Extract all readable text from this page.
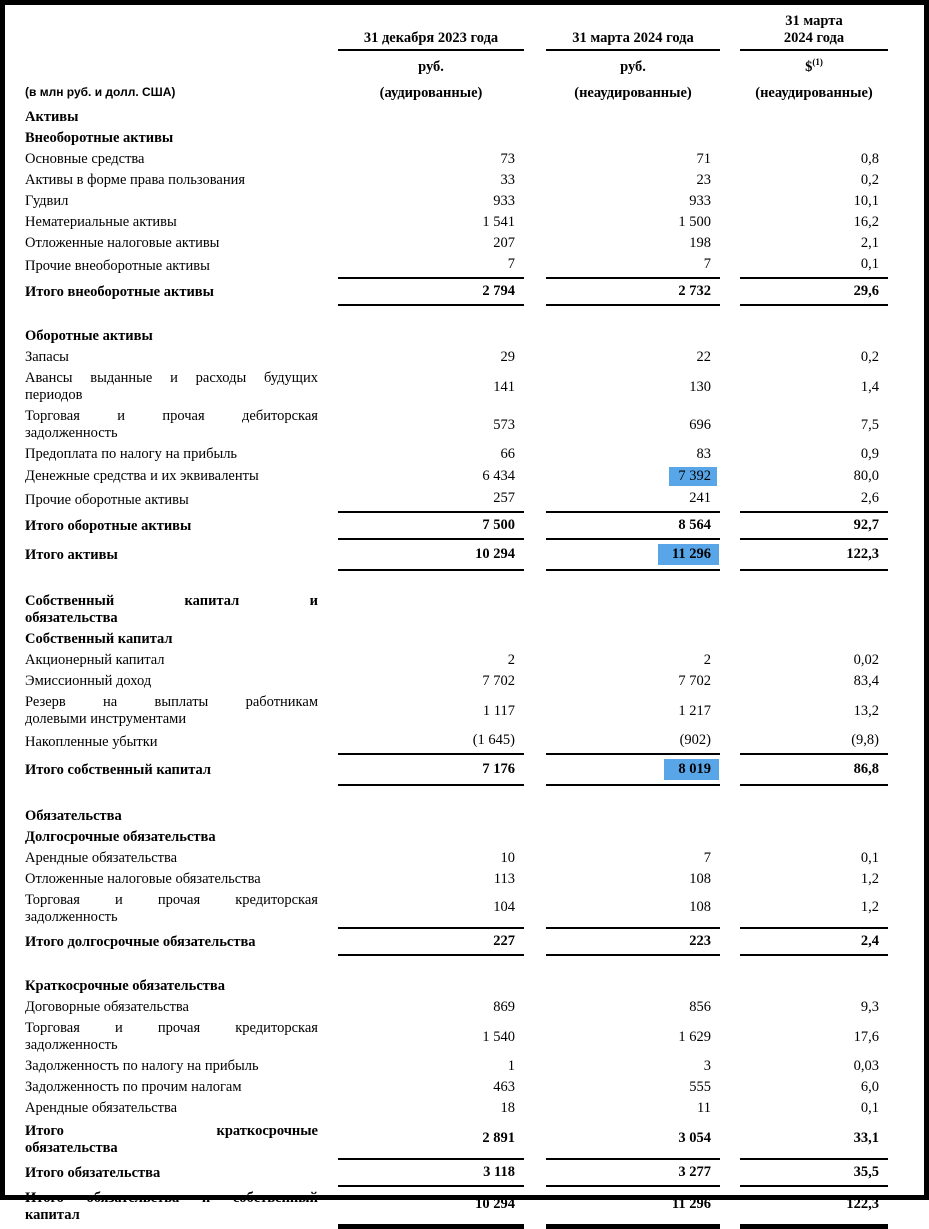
		31 декабря 2023 года		31 марта 2024 года		31 марта
2024 года
		руб.		руб.		\$$^{(1)}$
(в млн руб. и долл. США)		(аудированные)		(неаудированные)		(неаудированные)
Активы						
Внеоборотные активы						
Основные средства		73		71		0,8
Активы в форме права пользования		33		23		0,2
Гудвил		933		933		10,1
Нематериальные активы		1 541		1 500		16,2
Отложенные налоговые активы		207		198		2,1
Прочие внеоборотные активы		7		7		0,1
Итого внеоборотные активы		2 794		2 732		29,6

Оборотные активы						
Запасы		29		22		0,2

Авансы выданные и расходы будущих
периодов
		141		130		1,4

Торговая и прочая дебиторская
задолженность		573		696		7,5
Предоплата по налогу на прибыль		66		83		0,9
Денежные средства и их эквиваленты		6 434		7 392		80,0
Прочие оборотные активы		257		241		2,6
Итого оборотные активы		7 500		8 564		92,7
Итого активы		10 294		11 296		122,3

Собственный капитал и
обязательства						

Собственный капитал						
Акционерный капитал		2		2		0,02
Эмиссионный доход		7 702		7 702		83,4

Резерв на выплаты работникам
долевыми инструментами		1 117		1 217		13,2
Накопленные убытки		(1 645)		(902)		(9,8)
Итого собственный капитал		7 176		8 019		86,8

Обязательства						
Долгосрочные обязательства						
Арендные обязательства		10		7		0,1
Отложенные налоговые обязательства		113		108		1,2

Торговая и прочая кредиторская
задолженность		104		108		1,2
Итого долгосрочные обязательства		227		223		2,4

Краткосрочные обязательства						
Договорные обязательства		869		856		9,3

Торговая и прочая кредиторская
задолженность		1 540		1 629		17,6
Задолженность по налогу на прибыль		1		3		0,03
Задолженность по прочим налогам		463		555		6,0
Арендные обязательства		18		11		0,1

Итого краткосрочные
обязательства		2 891		3 054		33,1
Итого обязательства		3 118		3 277		35,5

Итого обязательства и собственный
капитал		10 294		11 296		122,3
